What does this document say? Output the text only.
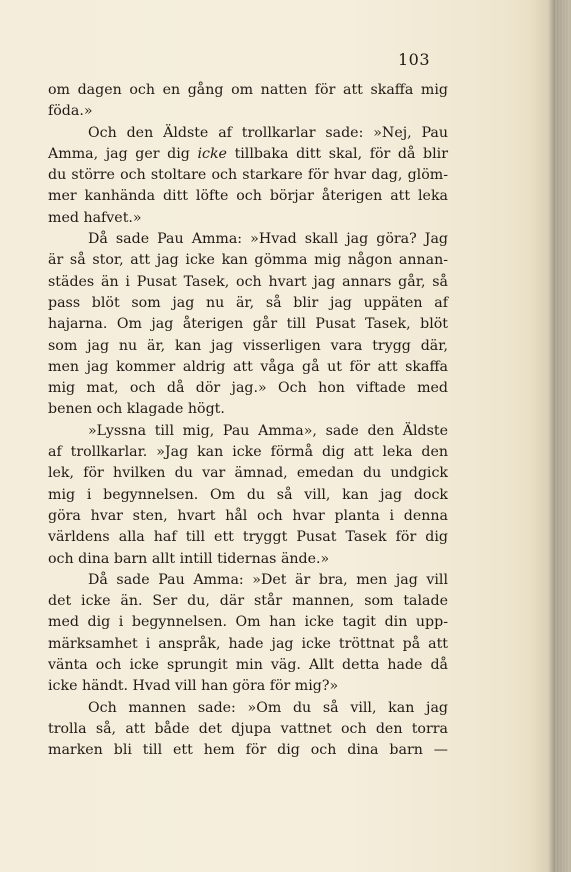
103
om dagen och en gång om natten för att skaffa mig
föda.»
Och den Äldste af trollkarlar sade: »Nej, Pau
Amma, jag ger dig icke tillbaka ditt skal, för då blir
du större och stoltare och starkare för hvar dag, glöm-
mer kanhända ditt löfte och börjar återigen att leka
med hafvet.»
Då sade Pau Amma: »Hvad skall jag göra? Jag
är så stor, att jag icke kan gömma mig någon annan-
städes än i Pusat Tasek, och hvart jag annars går, så
pass blöt som jag nu är, så blir jag uppäten af
hajarna. Om jag återigen går till Pusat Tasek, blöt
som jag nu är, kan jag visserligen vara trygg där,
men jag kommer aldrig att våga gå ut för att skaffa
mig mat, och då dör jag.» Och hon viftade med
benen och klagade högt.
»Lyssna till mig, Pau Amma», sade den Äldste
af trollkarlar. »Jag kan icke förmå dig att leka den
lek, för hvilken du var ämnad, emedan du undgick
mig i begynnelsen. Om du så vill, kan jag dock
göra hvar sten, hvart hål och hvar planta i denna
världens alla haf till ett tryggt Pusat Tasek för dig
och dina barn allt intill tidernas ände.»
Då sade Pau Amma: »Det är bra, men jag vill
det icke än. Ser du, där står mannen, som talade
med dig i begynnelsen. Om han icke tagit din upp-
märksamhet i anspråk, hade jag icke tröttnat på att
vänta och icke sprungit min väg. Allt detta hade då
icke händt. Hvad vill han göra för mig?»
Och mannen sade: »Om du så vill, kan jag
trolla så, att både det djupa vattnet och den torra
marken bli till ett hem för dig och dina barn —
